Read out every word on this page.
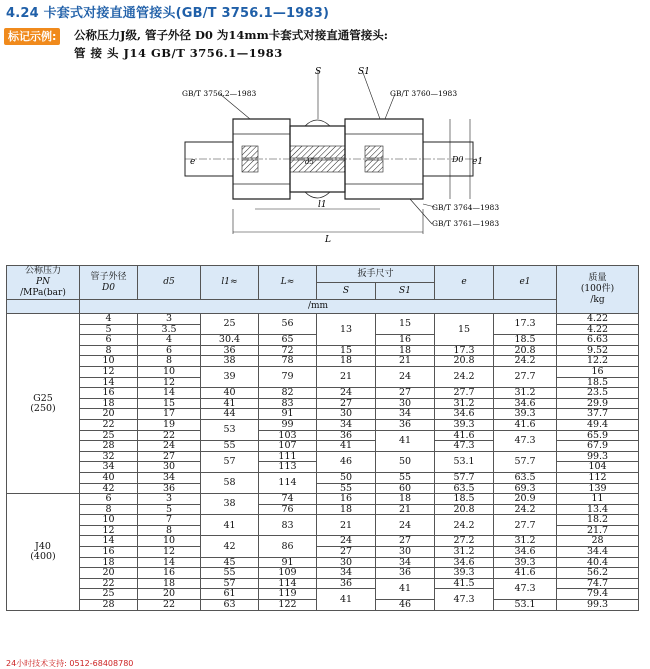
4.24 卡套式对接直通管接头(GB/T 3756.1—1983)
标记示例:	公称压力J级, 管子外径 D0 为14mm卡套式对接直通管接头:
管 接 头 J14 GB/T 3756.1—1983
S	S1
GB/T 3756.2—1983	GB/T 3760—1983
GB/T 3764—1983
GB/T 3761—1983
l1
L
e	e1
D0
d5
公称压力
PN
/MPa(bar)	管子外径
D0	d5	l1≈	L≈	扳手尺寸		e	e1	质量
(100件)
/kg
					S	S1			
	/mm								
G25
(250)	4	3	25	56	13	15	15	17.3	4.22
	5	3.5							4.22
	6	4	30.4	65		16		18.5	6.63
	8	6	36	72	15	18	17.3	20.8	9.52
	10	8	38	78	18	21	20.8	24.2	12.2
	12	10	39	79	21	24	24.2	27.7	16
	14	12							18.5
	16	14	40	82	24	27	27.7	31.2	23.5
	18	15	41	83	27	30	31.2	34.6	29.9
	20	17	44	91	30	34	34.6	39.3	37.7
	22	19	53	99	34	36	39.3	41.6	49.4
	25	22		103	36	41	41.6	47.3	65.9
	28	24	55	107	41		47.3		67.9
	32	27	57	111	46	50	53.1	57.7	99.3
	34	30		113					104
	40	34	58	114	50	55	57.7	63.5	112
	42	36			55	60	63.5	69.3	139
J40
(400)	6	3	38	74	16	18	18.5	20.9	11
	8	5		76	18	21	20.8	24.2	13.4
	10	7	41	83	21	24	24.2	27.7	18.2
	12	8							21.7
	14	10	42	86	24	27	27.2	31.2	28
	16	12			27	30	31.2	34.6	34.4
	18	14	45	91	30	34	34.6	39.3	40.4
	20	16	55	109	34	36	39.3	41.6	56.2
	22	18	57	114	36	41	41.5	47.3	74.7
	25	20	61	119	41		47.3		79.4
	28	22	63	122		46		53.1	99.3
24小时技术支持: 0512-68408780
